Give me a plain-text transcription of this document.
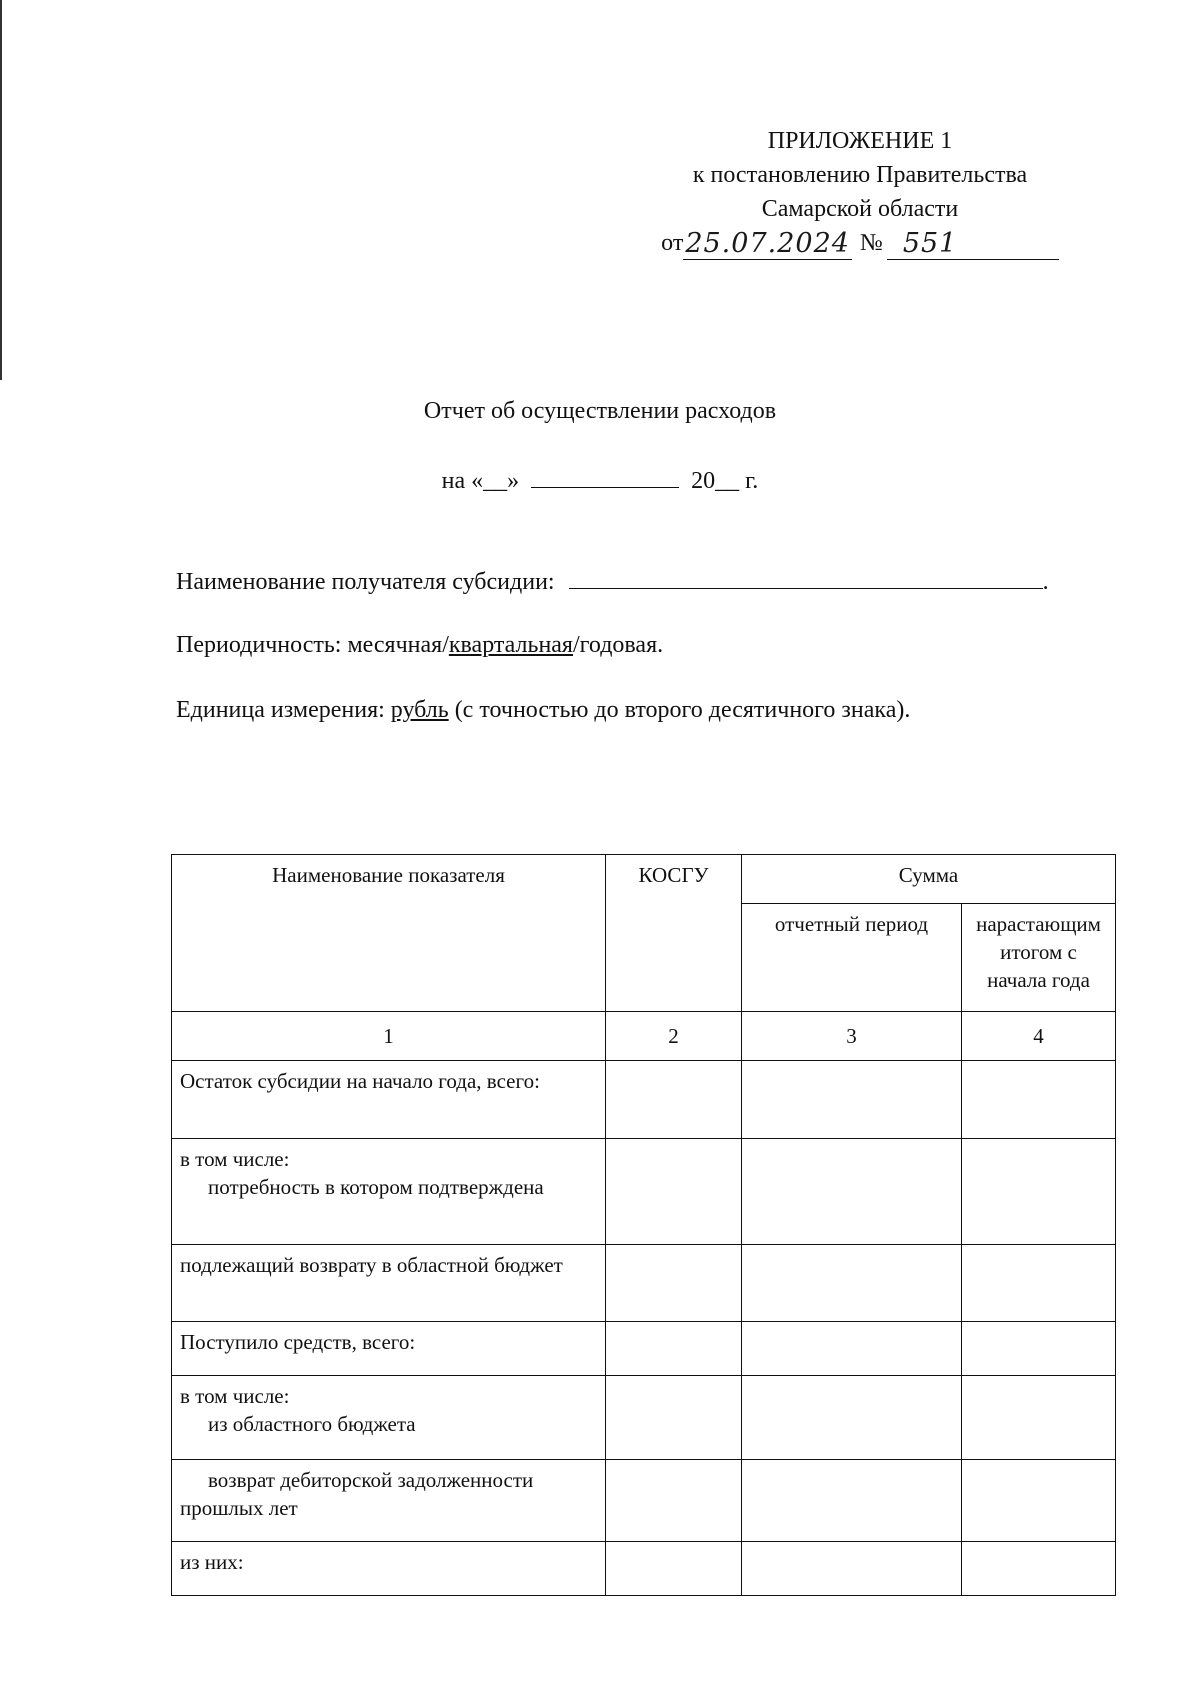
ПРИЛОЖЕНИЕ 1
к постановлению Правительства
Самарской области
от 25.07.2024 № 551
Отчет об осуществлении расходов
на «__»	20__ г.
Наименование получателя субсидии:	.
Периодичность: месячная/квартальная/годовая.
Единица измерения: рубль (с точностью до второго десятичного знака).
Наименование показателя	КОСГУ	Сумма	
		отчетный период	нарастающим итогом с начала года
1	2	3	4
Остаток субсидии на начало года, всего:			

в том числе:
потребность в котором подтверждена			

подлежащий возврату в областной бюджет			
Поступило средств, всего:			

в том числе:
из областного бюджета			

возврат дебиторской задолженности прошлых лет			
из них:			
